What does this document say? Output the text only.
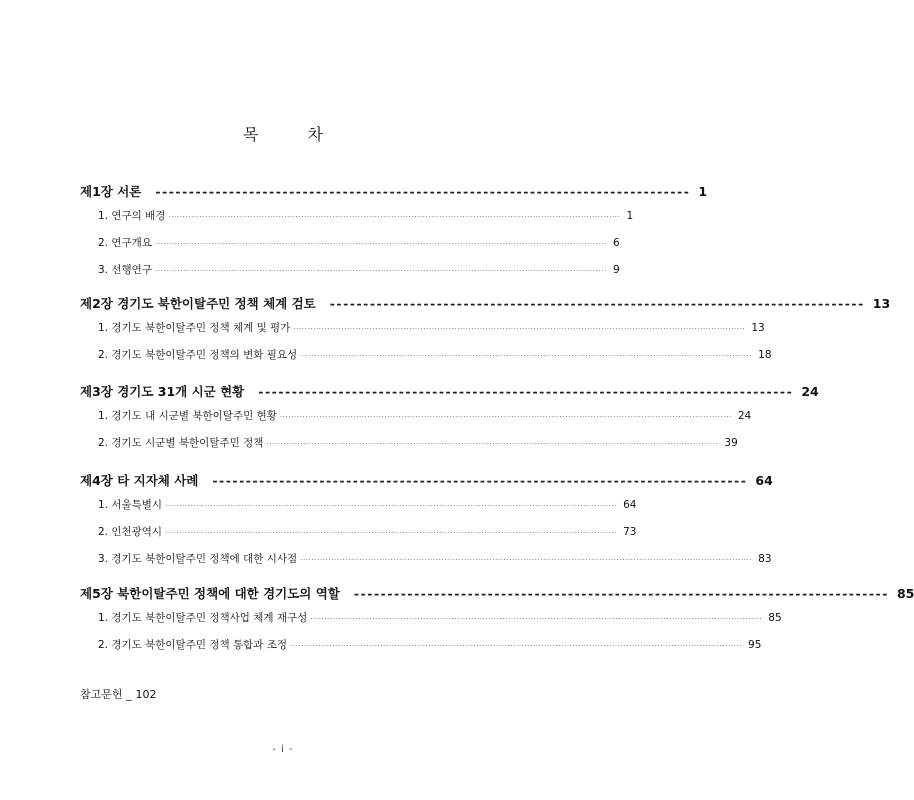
목 차
제1장 서론 -------------------------------------------------------------------------------- 1
1. 연구의 배경 ································································································································································ 1
2. 연구개요 ································································································································································ 6
3. 선행연구 ································································································································································ 9
제2장 경기도 북한이탈주민 정책 체계 검토 -------------------------------------------------------------------------------- 13
1. 경기도 북한이탈주민 정책 체계 및 평가 ································································································································································ 13
2. 경기도 북한이탈주민 정책의 변화 필요성 ································································································································································ 18
제3장 경기도 31개 시군 현황 -------------------------------------------------------------------------------- 24
1. 경기도 내 시군별 북한이탈주민 현황 ································································································································································ 24
2. 경기도 시군별 북한이탈주민 정책 ································································································································································ 39
제4장 타 지자체 사례 -------------------------------------------------------------------------------- 64
1. 서울특별시 ································································································································································ 64
2. 인천광역시 ································································································································································ 73
3. 경기도 북한이탈주민 정책에 대한 시사점 ································································································································································ 83
제5장 북한이탈주민 정책에 대한 경기도의 역할 -------------------------------------------------------------------------------- 85
1. 경기도 북한이탈주민 정책사업 체계 재구성 ································································································································································ 85
2. 경기도 북한이탈주민 정책 통합과 조정 ································································································································································ 95
참고문헌 _ 102
- i -
